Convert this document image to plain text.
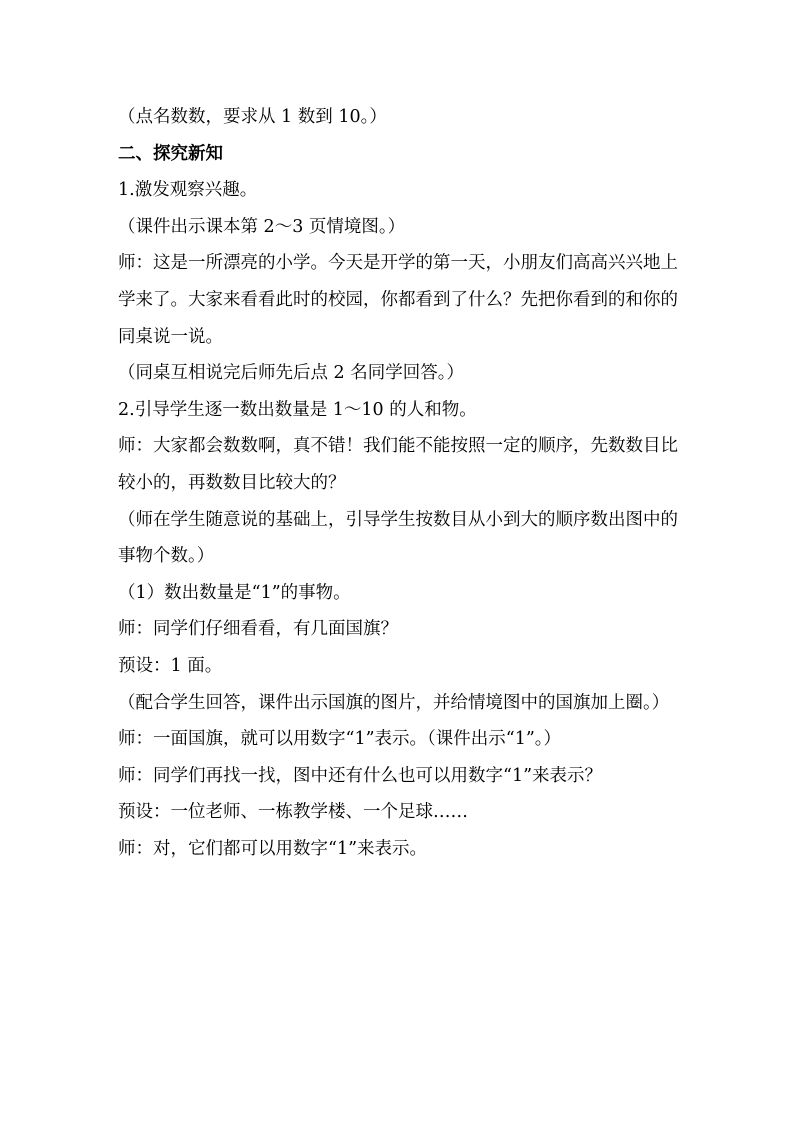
（点名数数，要求从 1 数到 10。）

二、探究新知

1.激发观察兴趣。

（课件出示课本第 2～3 页情境图。）

师：这是一所漂亮的小学。今天是开学的第一天，小朋友们高高兴兴地上学来了。大家来看看此时的校园，你都看到了什么？先把你看到的和你的同桌说一说。

（同桌互相说完后师先后点 2 名同学回答。）

2.引导学生逐一数出数量是 1～10 的人和物。

师：大家都会数数啊，真不错！我们能不能按照一定的顺序，先数数目比较小的，再数数目比较大的？

（师在学生随意说的基础上，引导学生按数目从小到大的顺序数出图中的事物个数。）

（1）数出数量是“1”的事物。

师：同学们仔细看看，有几面国旗？

预设：1 面。

（配合学生回答，课件出示国旗的图片，并给情境图中的国旗加上圈。）

师：一面国旗，就可以用数字“1”表示。（课件出示“1”。）

师：同学们再找一找，图中还有什么也可以用数字“1”来表示？

预设：一位老师、一栋教学楼、一个足球……

师：对，它们都可以用数字“1”来表示。
